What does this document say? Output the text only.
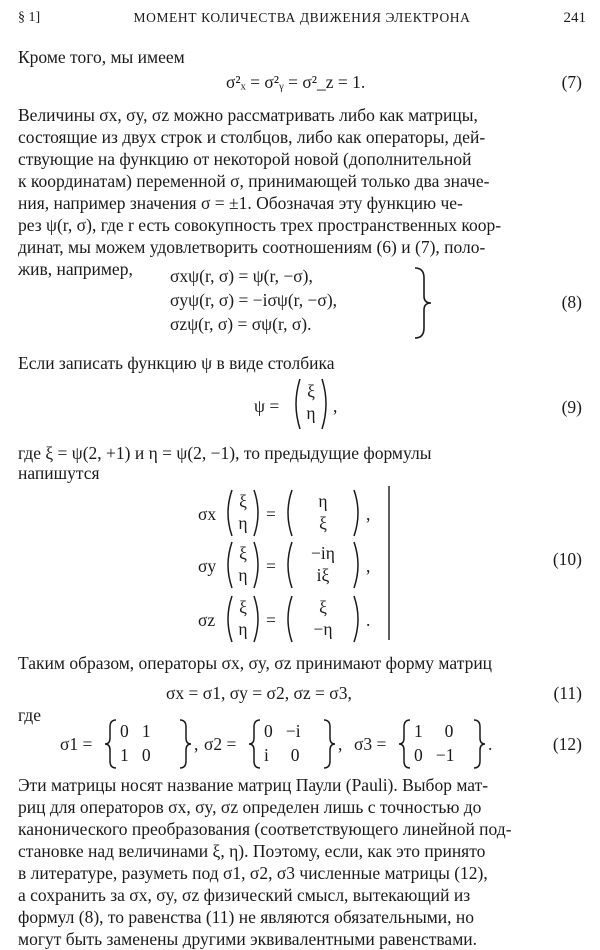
§ 1]	МОМЕНТ КОЛИЧЕСТВА ДВИЖЕНИЯ ЭЛЕКТРОНА	241
Кроме того, мы имеем
σ²ₓ = σ²ᵧ = σ²_z = 1.	(7)
Величины σx, σy, σz можно рассматривать либо как матрицы,
состоящие из двух строк и столбцов, либо как операторы, дей-
ствующие на функцию от некоторой новой (дополнительной
к координатам) переменной σ, принимающей только два значе-
ния, например значения σ = ±1. Обозначая эту функцию че-
рез ψ(r, σ), где r есть совокупность трех пространственных коор-
динат, мы можем удовлетворить соотношениям (6) и (7), поло-
жив, например,	σxψ(r, σ) = ψ(r, −σ),
σyψ(r, σ) = −iσψ(r, −σ),
σzψ(r, σ) = σψ(r, σ).
(8)
Если записать функцию ψ в виде столбика
ψ =
ξ
η ,	(9)
где ξ = ψ(2, +1) и η = ψ(2, −1), то предыдущие формулы
напишутся
σx
ξ
η =
η
ξ	,
σy
ξ
η =
−iη
iξ	,
σz
ξ
η =
ξ
−η	.
(10)
Таким образом, операторы σx, σy, σz принимают форму матриц
σx = σ1, σy = σ2, σz = σ3,	(11)
где
σ1 =
0   1
1   0
, σ2 =
0   −i
i     0
, σ3 =
1     0
0   −1
.	(12)
Эти матрицы носят название матриц Паули (Pauli). Выбор мат-
риц для операторов σx, σy, σz определен лишь с точностью до
канонического преобразования (соответствующего линейной под-
становке над величинами ξ, η). Поэтому, если, как это принято
в литературе, разуметь под σ1, σ2, σ3 численные матрицы (12),
а сохранить за σx, σy, σz физический смысл, вытекающий из
формул (8), то равенства (11) не являются обязательными, но
могут быть заменены другими эквивалентными равенствами.
